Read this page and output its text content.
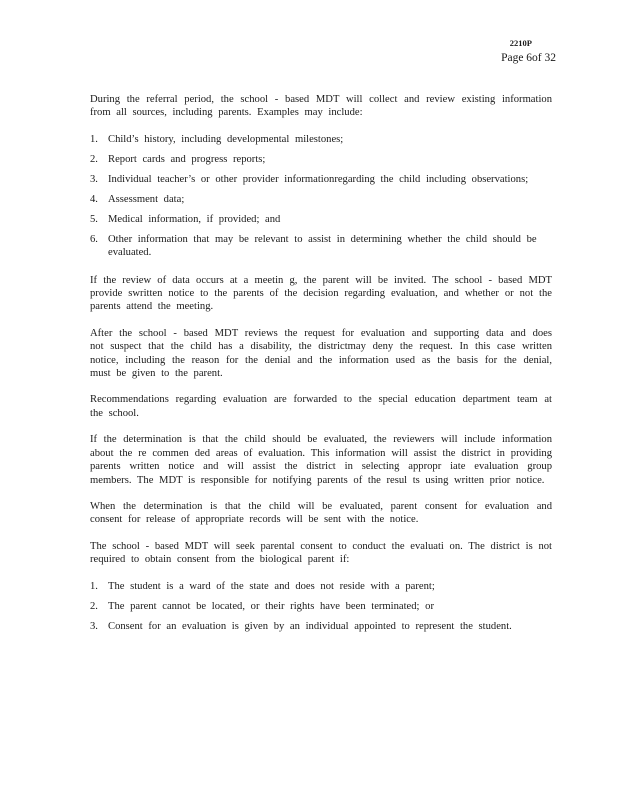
2210P
Page 6of 32

During the referral period, the school - based MDT will collect and review existing information from all sources, including parents. Examples may include:

1. Child’s history, including developmental milestones;
2. Report cards and progress reports;
3. Individual teacher’s or other provider informationregarding the child including observations;
4. Assessment data;
5. Medical information, if provided; and
6. Other information that may be relevant to assist in determining whether the child should be evaluated.

If the review of data occurs at a meetin g, the parent will be invited. The school - based MDT provide swritten notice to the parents of the decision regarding evaluation, and whether or not the parents attend the meeting.

After the school - based MDT reviews the request for evaluation and supporting data and does not suspect that the child has a disability, the districtmay deny the request. In this case written notice, including the reason for the denial and the information used as the basis for the denial, must be given to the parent.

Recommendations regarding evaluation are forwarded to the special education department team at the school.

If the determination is that the child should be evaluated, the reviewers will include information about the re commen ded areas of evaluation. This information will assist the district in providing parents written notice and will assist the district in selecting appropr iate evaluation group members. The MDT is responsible for notifying parents of the resul ts using written prior notice.

When the determination is that the child will be evaluated, parent consent for evaluation and consent for release of appropriate records will be sent with the notice.

The school - based MDT will seek parental consent to conduct the evaluati on. The district is not required to obtain consent from the biological parent if:

1. The student is a ward of the state and does not reside with a parent;
2. The parent cannot be located, or their rights have been terminated; or
3. Consent for an evaluation is given by an individual appointed to represent the student.
